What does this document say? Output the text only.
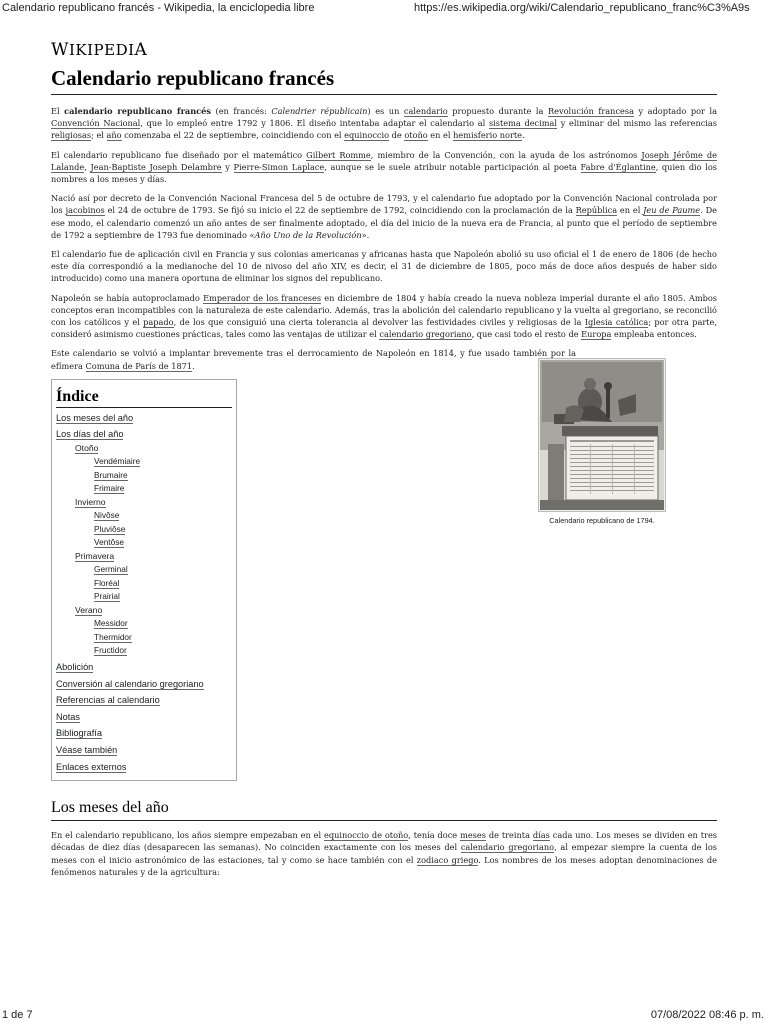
Calendario republicano francés - Wikipedia, la enciclopedia libre	https://es.wikipedia.org/wiki/Calendario_republicano_franc%C3%A9s
WIKIPEDIA
Calendario republicano francés

El calendario republicano francés (en francés: Calendrier républicain) es un calendario propuesto durante la Revolución francesa y adoptado por la Convención Nacional, que lo empleó entre 1792 y 1806. El diseño intentaba adaptar el calendario al sistema decimal y eliminar del mismo las referencias religiosas; el año comenzaba el 22 de septiembre, coincidiendo con el equinoccio de otoño en el hemisferio norte.

El calendario republicano fue diseñado por el matemático Gilbert Romme, miembro de la Convención, con la ayuda de los astrónomos Joseph Jérôme de Lalande, Jean-Baptiste Joseph Delambre y Pierre-Simon Laplace, aunque se le suele atribuir notable participación al poeta Fabre d'Églantine, quien dio los nombres a los meses y días.

Nació así por decreto de la Convención Nacional Francesa del 5 de octubre de 1793, y el calendario fue adoptado por la Convención Nacional controlada por los jacobinos el 24 de octubre de 1793. Se fijó su inicio el 22 de septiembre de 1792, coincidiendo con la proclamación de la República en el Jeu de Paume. De ese modo, el calendario comenzó un año antes de ser finalmente adoptado, el día del inicio de la nueva era de Francia, al punto que el período de septiembre de 1792 a septiembre de 1793 fue denominado «Año Uno de la Revolución».

El calendario fue de aplicación civil en Francia y sus colonias americanas y africanas hasta que Napoleón abolió su uso oficial el 1 de enero de 1806 (de hecho este día correspondió a la medianoche del 10 de nivoso del año XIV, es decir, el 31 de diciembre de 1805, poco más de doce años después de haber sido introducido) como una manera oportuna de eliminar los signos del republicano.

Napoleón se había autoproclamado Emperador de los franceses en diciembre de 1804 y había creado la nueva nobleza imperial durante el año 1805. Ambos conceptos eran incompatibles con la naturaleza de este calendario. Además, tras la abolición del calendario republicano y la vuelta al gregoriano, se reconcilió con los católicos y el papado, de los que consiguió una cierta tolerancia al devolver las festividades civiles y religiosas de la Iglesia católica; por otra parte, consideró asimismo cuestiones prácticas, tales como las ventajas de utilizar el calendario gregoriano, que casi todo el resto de Europa empleaba entonces.

Este calendario se volvió a implantar brevemente tras el derrocamiento de Napoleón en 1814, y fue usado también por la efímera Comuna de París de 1871.

Índice
Los meses del año
Los días del año
Otoño
Vendémiaire
Brumaire
Frimaire
Invierno
Nivôse
Pluviôse
Ventôse
Primavera
Germinal
Floréal
Prairial
Verano
Messidor
Thermidor
Fructidor
Abolición
Conversión al calendario gregoriano
Referencias al calendario
Notas
Bibliografía
Véase también
Enlaces externos
Los meses del año

En el calendario republicano, los años siempre empezaban en el equinoccio de otoño, tenía doce meses de treinta días cada uno. Los meses se dividen en tres décadas de diez días (desaparecen las semanas). No coinciden exactamente con los meses del calendario gregoriano, al empezar siempre la cuenta de los meses con el inicio astronómico de las estaciones, tal y como se hace también con el zodiaco griego. Los nombres de los meses adoptan denominaciones de fenómenos naturales y de la agricultura:

Calendario republicano de 1794.
1 de 7	07/08/2022 08:46 p. m.
